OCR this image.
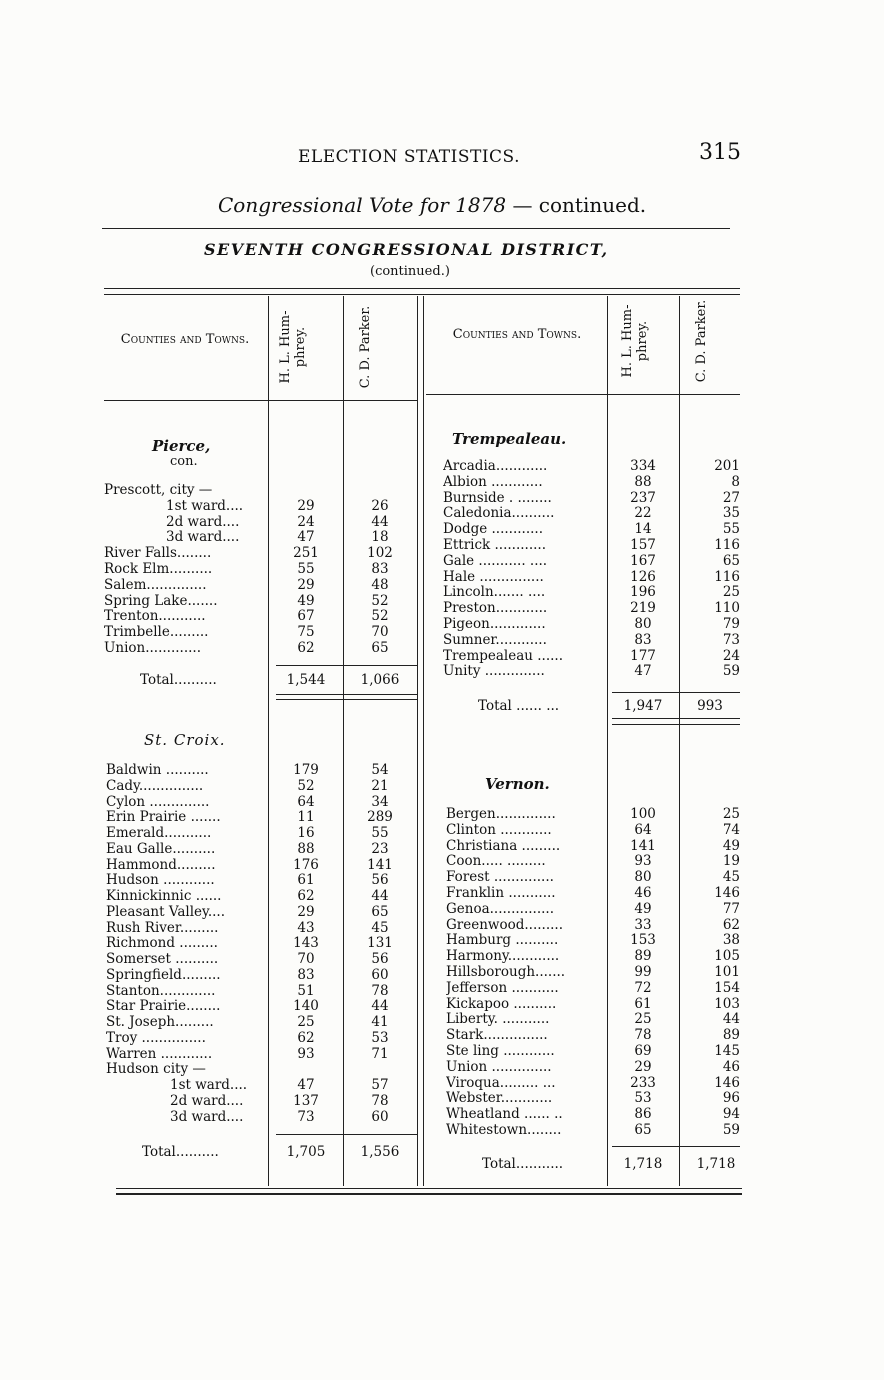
ELECTION STATISTICS.	315
Congressional Vote for 1878 — continued.
SEVENTH CONGRESSIONAL DISTRICT,
(continued.)
Counties and Towns.	Counties and Towns.
H. L. Hum- phrey.	C. D. Parker.	H. L. Hum- phrey.	C. D. Parker.
Pierce,
con.
Prescott, city —
1st ward....	29	26
2d ward....	24	44
3d ward....	47	18
River Falls........	251	102
Rock Elm..........	55	83
Salem..............	29	48
Spring Lake.......	49	52
Trenton...........	67	52
Trimbelle.........	75	70
Union.............	62	65
Total..........	1,544	1,066
St. Croix.
Baldwin ..........	179	54
Cady...............	52	21
Cylon ..............	64	34
Erin Prairie .......	11	289
Emerald...........	16	55
Eau Galle..........	88	23
Hammond.........	176	141
Hudson ............	61	56
Kinnickinnic ......	62	44
Pleasant Valley....	29	65
Rush River.........	43	45
Richmond .........	143	131
Somerset ..........	70	56
Springfield.........	83	60
Stanton.............	51	78
Star Prairie........	140	44
St. Joseph.........	25	41
Troy ...............	62	53
Warren ............	93	71
Hudson city —
1st ward....	47	57
2d ward....	137	78
3d ward....	73	60
Total..........	1,705	1,556
Trempealeau.
Arcadia............	334	201
Albion ............	88	8
Burnside . ........	237	27
Caledonia..........	22	35
Dodge ............	14	55
Ettrick ............	157	116
Gale ........... ....	167	65
Hale ...............	126	116
Lincoln....... ....	196	25
Preston............	219	110
Pigeon.............	80	79
Sumner............	83	73
Trempealeau ......	177	24
Unity ..............	47	59
Total ...... ...	1,947	993
Vernon.
Bergen..............	100	25
Clinton ............	64	74
Christiana .........	141	49
Coon..... .........	93	19
Forest ..............	80	45
Franklin ...........	46	146
Genoa...............	49	77
Greenwood.........	33	62
Hamburg ..........	153	38
Harmony............	89	105
Hillsborough.......	99	101
Jefferson ...........	72	154
Kickapoo ..........	61	103
Liberty. ...........	25	44
Stark...............	78	89
Ste ling ............	69	145
Union ..............	29	46
Viroqua......... ...	233	146
Webster............	53	96
Wheatland ...... ..	86	94
Whitestown........	65	59
Total...........	1,718	1,718
